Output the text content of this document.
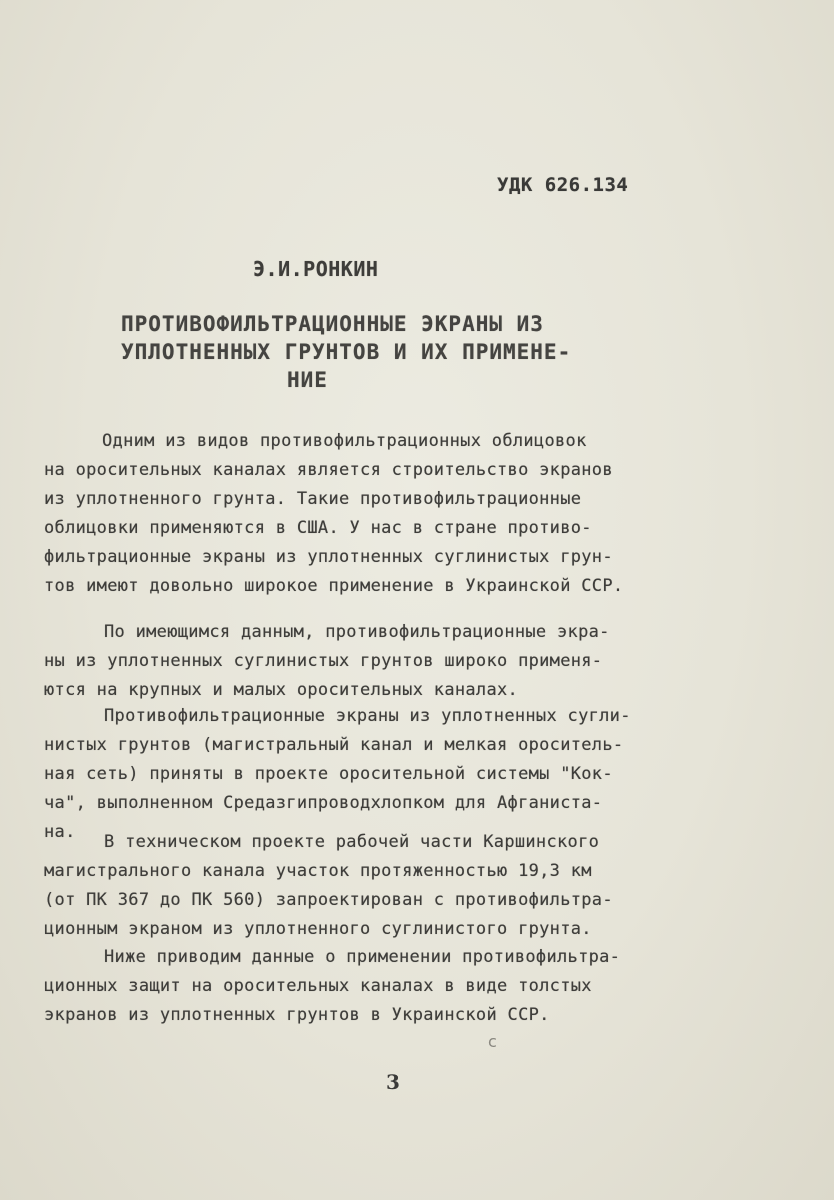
УДК 626.134
Э.И.РОНКИН
ПРОТИВОФИЛЬТРАЦИОННЫЕ ЭКРАНЫ ИЗ
УПЛОТНЕННЫХ ГРУНТОВ И ИХ ПРИМЕНЕ-
НИЕ
Одним из видов противофильтрационных облицовок
на оросительных каналах является строительство экранов
из уплотненного грунта. Такие противофильтрационные
облицовки применяются в США. У нас в стране противо-
фильтрационные экраны из уплотненных суглинистых грун-
тов имеют довольно широкое применение в Украинской ССР.
По имеющимся данным, противофильтрационные экра-
ны из уплотненных суглинистых грунтов широко применя-
ются на крупных и малых оросительных каналах.
Противофильтрационные экраны из уплотненных сугли-
нистых грунтов (магистральный канал и мелкая ороситель-
ная сеть) приняты в проекте оросительной системы "Кок-
ча", выполненном Средазгипроводхлопком для Афганиста-
на. В техническом проекте рабочей части Каршинского
магистрального канала участок протяженностью 19,3 км
(от ПК 367 до ПК 560) запроектирован с противофильтра-
ционным экраном из уплотненного суглинистого грунта.
Ниже приводим данные о применении противофильтра-
ционных защит на оросительных каналах в виде толстых
экранов из уплотненных грунтов в Украинской ССР.
с
3
